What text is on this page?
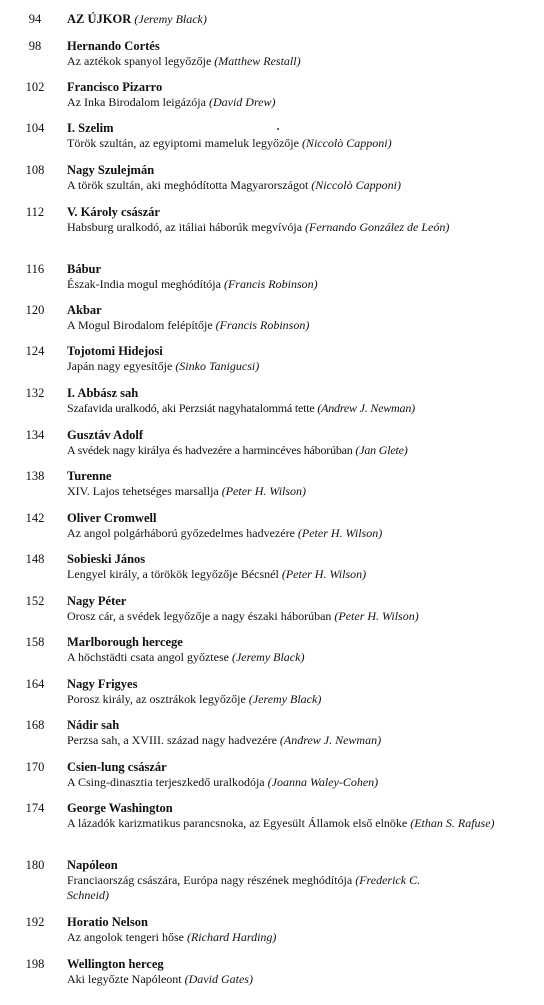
94	AZ ÚJKOR (Jeremy Black)
98	Hernando Cortés
Az aztékok spanyol legyőzője (Matthew Restall)
102	Francisco Pizarro
Az Inka Birodalom leigázója (David Drew)
104	I. Szelim
Török szultán, az egyiptomi mameluk legyőzője (Niccolò Capponi)
108	Nagy Szulejmán
A török szultán, aki meghódította Magyarországot (Niccolò Capponi)
112	V. Károly császár
Habsburg uralkodó, az itáliai háborúk megvívója (Fernando González de León)
116	Bábur
Észak-India mogul meghódítója (Francis Robinson)
120	Akbar
A Mogul Birodalom felépítője (Francis Robinson)
124	Tojotomi Hidejosi
Japán nagy egyesítője (Sinko Tanigucsi)
132	I. Abbász sah
Szafavida uralkodó, aki Perzsiát nagyhatalommá tette (Andrew J. Newman)
134	Gusztáv Adolf
A svédek nagy királya és hadvezére a harmincéves háborúban (Jan Glete)
138	Turenne
XIV. Lajos tehetséges marsallja (Peter H. Wilson)
142	Oliver Cromwell
Az angol polgárháború győzedelmes hadvezére (Peter H. Wilson)
148	Sobieski János
Lengyel király, a törökök legyőzője Bécsnél (Peter H. Wilson)
152	Nagy Péter
Orosz cár, a svédek legyőzője a nagy északi háborúban (Peter H. Wilson)
158	Marlborough hercege
A höchstädti csata angol győztese (Jeremy Black)
164	Nagy Frigyes
Porosz király, az osztrákok legyőzője (Jeremy Black)
168	Nádir sah
Perzsa sah, a XVIII. század nagy hadvezére (Andrew J. Newman)
170	Csien-lung császár
A Csing-dinasztia terjeszkedő uralkodója (Joanna Waley-Cohen)
174	George Washington
A lázadók karizmatikus parancsnoka, az Egyesült Államok első elnöke (Ethan S. Rafuse)
180	Napóleon
Franciaország császára, Európa nagy részének meghódítója (Frederick C. Schneid)
192	Horatio Nelson
Az angolok tengeri hőse (Richard Harding)
198	Wellington herceg
Aki legyőzte Napóleont (David Gates)
